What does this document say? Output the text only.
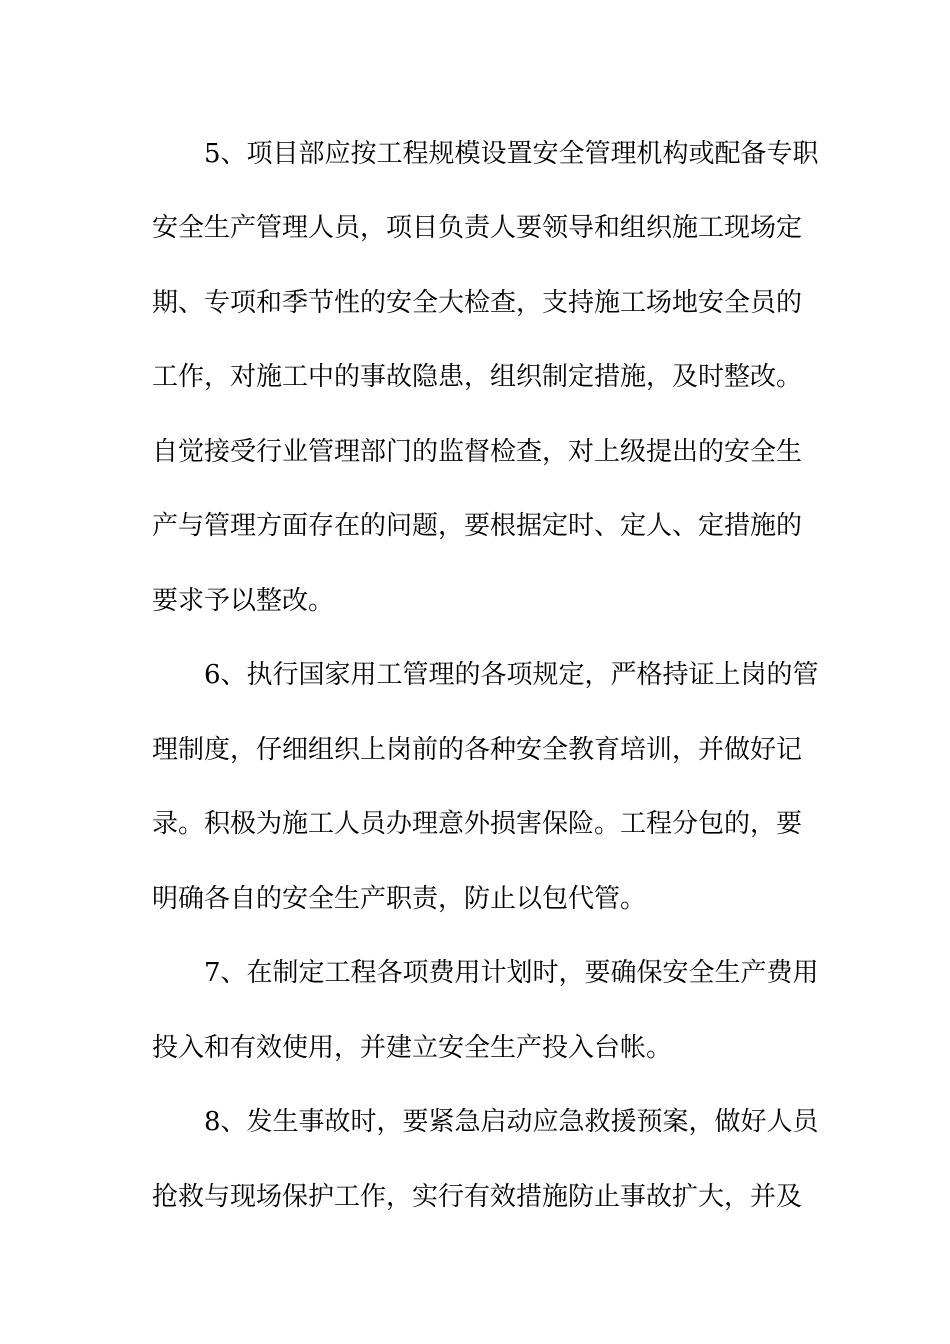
5、项目部应按工程规模设置安全管理机构或配备专职
安全生产管理人员，项目负责人要领导和组织施工现场定
期、专项和季节性的安全大检查，支持施工场地安全员的
工作，对施工中的事故隐患，组织制定措施，及时整改。
自觉接受行业管理部门的监督检查，对上级提出的安全生
产与管理方面存在的问题，要根据定时、定人、定措施的
要求予以整改。
6、执行国家用工管理的各项规定，严格持证上岗的管
理制度，仔细组织上岗前的各种安全教育培训，并做好记
录。积极为施工人员办理意外损害保险。工程分包的，要
明确各自的安全生产职责，防止以包代管。
7、在制定工程各项费用计划时，要确保安全生产费用
投入和有效使用，并建立安全生产投入台帐。
8、发生事故时，要紧急启动应急救援预案，做好人员
抢救与现场保护工作，实行有效措施防止事故扩大，并及
